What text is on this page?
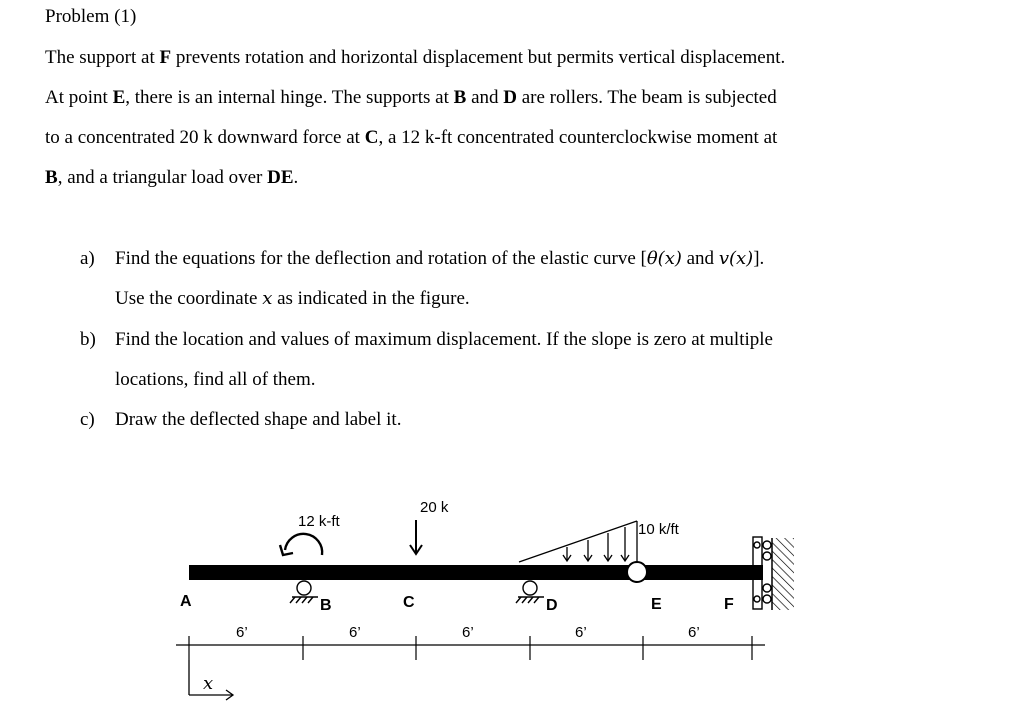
Problem (1)
The support at F prevents rotation and horizontal displacement but permits vertical displacement.
At point E, there is an internal hinge. The supports at B and D are rollers. The beam is subjected
to a concentrated 20 k downward force at C, a 12 k-ft concentrated counterclockwise moment at
B, and a triangular load over DE.
a) Find the equations for the deflection and rotation of the elastic curve [θ(x) and v(x)].
Use the coordinate x as indicated in the figure.
b) Find the location and values of maximum displacement. If the slope is zero at multiple
locations, find all of them.
c) Draw the deflected shape and label it.
20 k
12 k-ft	10 k/ft
A	B	C	D	E	F
6’	6’	6’	6’	6’
x
